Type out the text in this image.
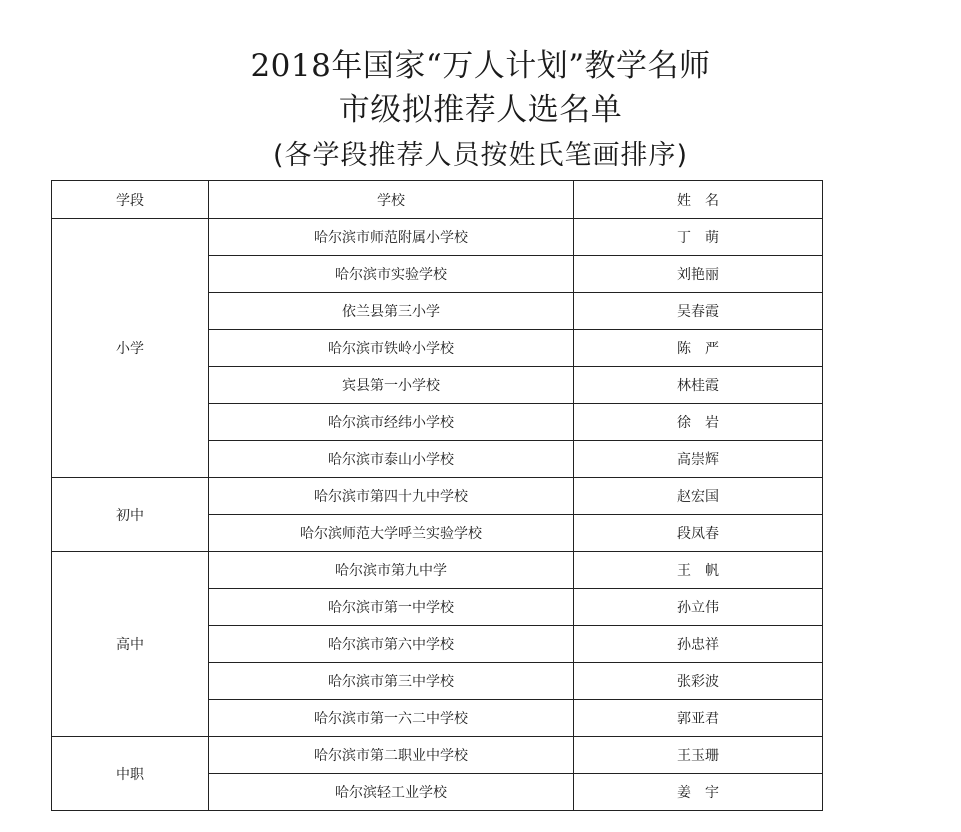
2018年国家“万人计划”教学名师
市级拟推荐人选名单
(各学段推荐人员按姓氏笔画排序)
学段	学校	姓　名
小学	哈尔滨市师范附属小学校	丁　萌
	哈尔滨市实验学校	刘艳丽
	依兰县第三小学	吴春霞
	哈尔滨市铁岭小学校	陈　严
	宾县第一小学校	林桂霞
	哈尔滨市经纬小学校	徐　岩
	哈尔滨市泰山小学校	高崇辉
初中	哈尔滨市第四十九中学校	赵宏国
	哈尔滨师范大学呼兰实验学校	段凤春
高中	哈尔滨市第九中学	王　帆
	哈尔滨市第一中学校	孙立伟
	哈尔滨市第六中学校	孙忠祥
	哈尔滨市第三中学校	张彩波
	哈尔滨市第一六二中学校	郭亚君
中职	哈尔滨市第二职业中学校	王玉珊
	哈尔滨轻工业学校	姜　宇
